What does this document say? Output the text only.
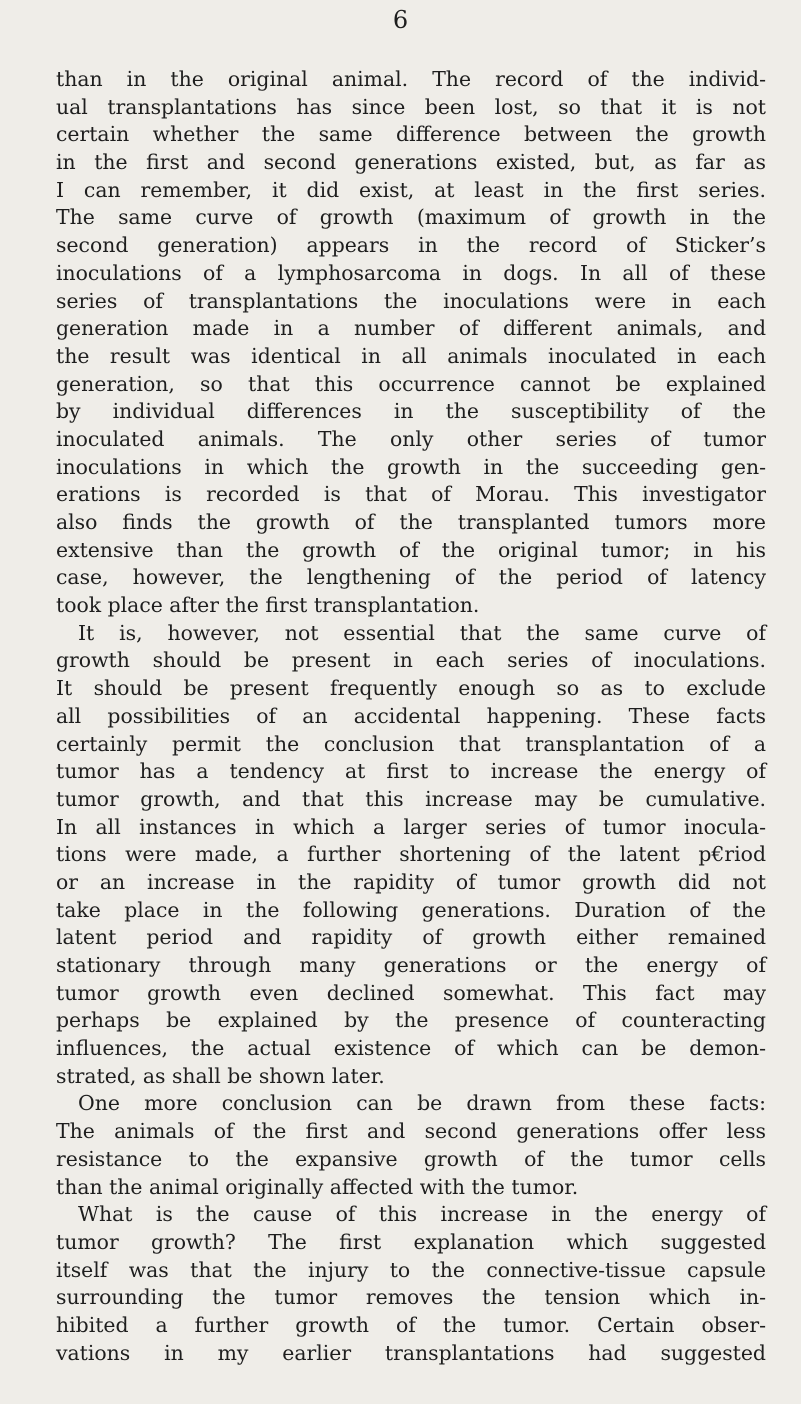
6
than in the original animal. The record of the individ-
ual transplantations has since been lost, so that it is not
certain whether the same difference between the growth
in the first and second generations existed, but, as far as
I can remember, it did exist, at least in the first series.
The same curve of growth (maximum of growth in the
second generation) appears in the record of Sticker’s
inoculations of a lymphosarcoma in dogs. In all of these
series of transplantations the inoculations were in each
generation made in a number of different animals, and
the result was identical in all animals inoculated in each
generation, so that this occurrence cannot be explained
by individual differences in the susceptibility of the
inoculated animals. The only other series of tumor
inoculations in which the growth in the succeeding gen-
erations is recorded is that of Morau. This investigator
also finds the growth of the transplanted tumors more
extensive than the growth of the original tumor; in his
case, however, the lengthening of the period of latency
took place after the first transplantation.
It is, however, not essential that the same curve of
growth should be present in each series of inoculations.
It should be present frequently enough so as to exclude
all possibilities of an accidental happening. These facts
certainly permit the conclusion that transplantation of a
tumor has a tendency at first to increase the energy of
tumor growth, and that this increase may be cumulative.
In all instances in which a larger series of tumor inocula-
tions were made, a further shortening of the latent p€riod
or an increase in the rapidity of tumor growth did not
take place in the following generations. Duration of the
latent period and rapidity of growth either remained
stationary through many generations or the energy of
tumor growth even declined somewhat. This fact may
perhaps be explained by the presence of counteracting
influences, the actual existence of which can be demon-
strated, as shall be shown later.
One more conclusion can be drawn from these facts:
The animals of the first and second generations offer less
resistance to the expansive growth of the tumor cells
than the animal originally affected with the tumor.
What is the cause of this increase in the energy of
tumor growth? The first explanation which suggested
itself was that the injury to the connective-tissue capsule
surrounding the tumor removes the tension which in-
hibited a further growth of the tumor. Certain obser-
vations in my earlier transplantations had suggested
